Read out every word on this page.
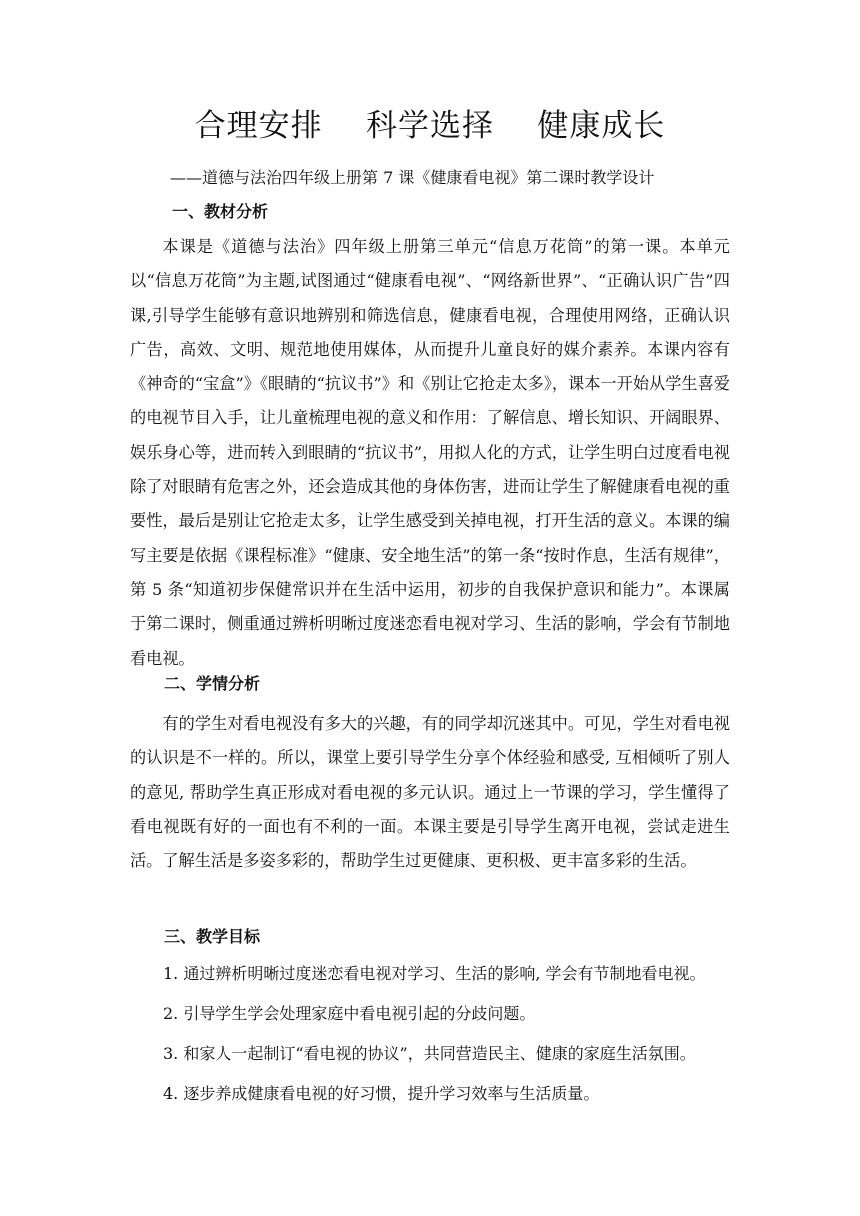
合理安排    科学选择    健康成长
——道德与法治四年级上册第 7 课《健康看电视》第二课时教学设计
一、教材分析

本课是《道德与法治》四年级上册第三单元“信息万花筒”的第一课。本单元以“信息万花筒”为主题,试图通过“健康看电视”、“网络新世界”、“正确认识广告”四课,引导学生能够有意识地辨别和筛选信息，健康看电视，合理使用网络，正确认识广告，高效、文明、规范地使用媒体，从而提升儿童良好的媒介素养。本课内容有《神奇的“宝盒”》《眼睛的“抗议书”》和《别让它抢走太多》，课本一开始从学生喜爱的电视节目入手，让儿童梳理电视的意义和作用：了解信息、增长知识、开阔眼界、娱乐身心等，进而转入到眼睛的“抗议书”，用拟人化的方式，让学生明白过度看电视除了对眼睛有危害之外，还会造成其他的身体伤害，进而让学生了解健康看电视的重要性，最后是别让它抢走太多，让学生感受到关掉电视，打开生活的意义。本课的编写主要是依据《课程标准》“健康、安全地生活”的第一条“按时作息，生活有规律”，第 5 条“知道初步保健常识并在生活中运用，初步的自我保护意识和能力”。本课属于第二课时，侧重通过辨析明晰过度迷恋看电视对学习、生活的影响，学会有节制地看电视。

二、学情分析

有的学生对看电视没有多大的兴趣，有的同学却沉迷其中。可见，学生对看电视的认识是不一样的。所以，课堂上要引导学生分享个体经验和感受, 互相倾听了别人的意见, 帮助学生真正形成对看电视的多元认识。通过上一节课的学习，学生懂得了看电视既有好的一面也有不利的一面。本课主要是引导学生离开电视，尝试走进生活。了解生活是多姿多彩的，帮助学生过更健康、更积极、更丰富多彩的生活。

三、教学目标
1. 通过辨析明晰过度迷恋看电视对学习、生活的影响, 学会有节制地看电视。
2. 引导学生学会处理家庭中看电视引起的分歧问题。
3. 和家人一起制订“看电视的协议”，共同营造民主、健康的家庭生活氛围。
4. 逐步养成健康看电视的好习惯，提升学习效率与生活质量。
